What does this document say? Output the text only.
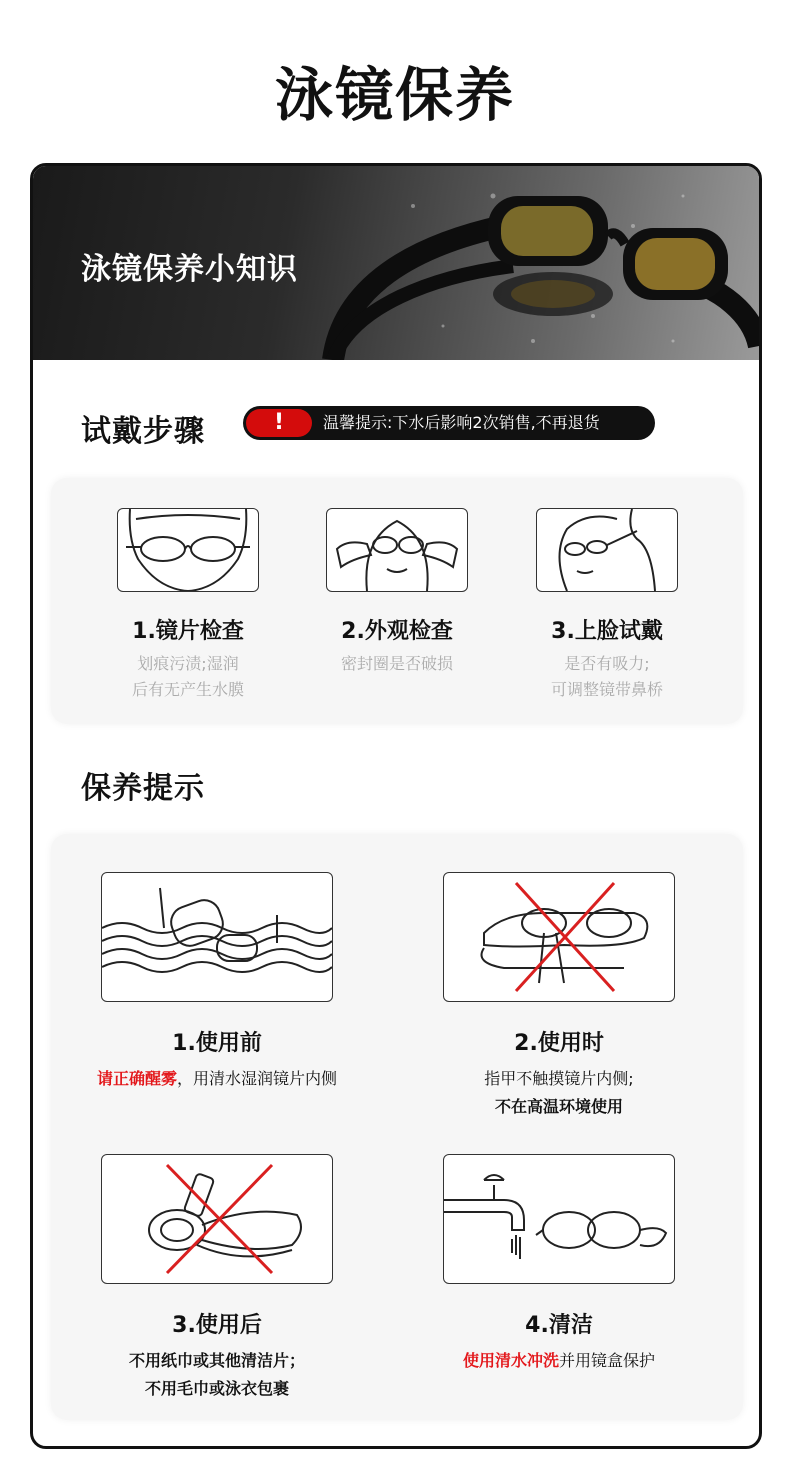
泳镜保养
泳镜保养小知识
试戴步骤	!	温馨提示:下水后影响2次销售,不再退货
1.镜片检查
划痕污渍;湿润
后有无产生水膜
2.外观检查
密封圈是否破损
3.上脸试戴
是否有吸力;
可调整镜带鼻桥
保养提示
1.使用前
请正确醒雾，用清水湿润镜片内侧
2.使用时
指甲不触摸镜片内侧;
不在高温环境使用
3.使用后
不用纸巾或其他清洁片；
不用毛巾或泳衣包裹
4.清洁
使用清水冲洗并用镜盒保护
